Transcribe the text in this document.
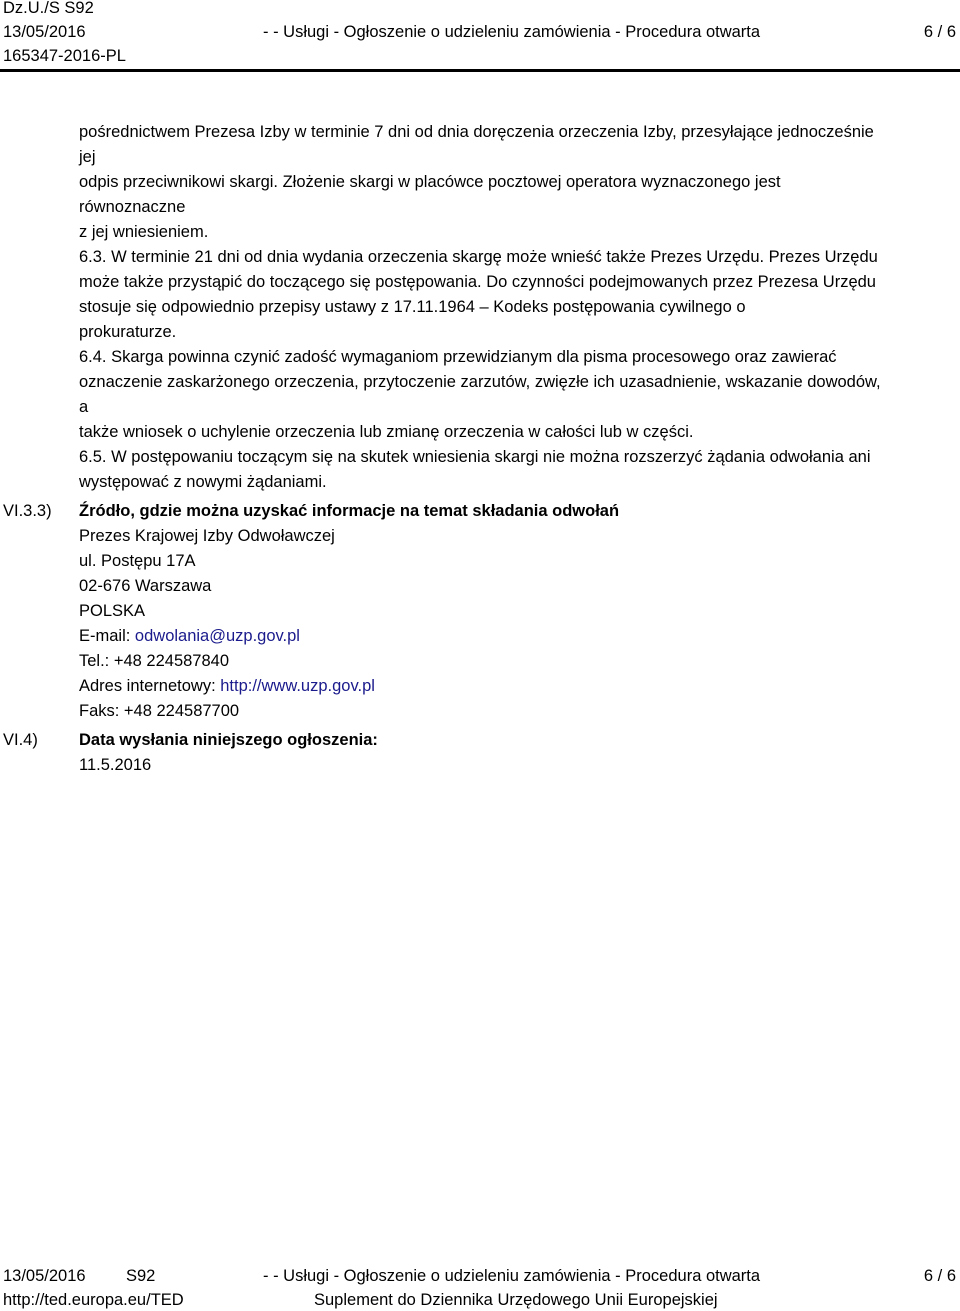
Dz.U./S S92
13/05/2016	- - Usługi - Ogłoszenie o udzieleniu zamówienia - Procedura otwarta	6 / 6
165347-2016-PL
pośrednictwem Prezesa Izby w terminie 7 dni od dnia doręczenia orzeczenia Izby, przesyłające jednocześnie
jej
odpis przeciwnikowi skargi. Złożenie skargi w placówce pocztowej operatora wyznaczonego jest
równoznaczne
z jej wniesieniem.
6.3. W terminie 21 dni od dnia wydania orzeczenia skargę może wnieść także Prezes Urzędu. Prezes Urzędu
może także przystąpić do toczącego się postępowania. Do czynności podejmowanych przez Prezesa Urzędu
stosuje się odpowiednio przepisy ustawy z 17.11.1964 – Kodeks postępowania cywilnego o
prokuraturze.
6.4. Skarga powinna czynić zadość wymaganiom przewidzianym dla pisma procesowego oraz zawierać
oznaczenie zaskarżonego orzeczenia, przytoczenie zarzutów, zwięzłe ich uzasadnienie, wskazanie dowodów,
a
także wniosek o uchylenie orzeczenia lub zmianę orzeczenia w całości lub w części.
6.5. W postępowaniu toczącym się na skutek wniesienia skargi nie można rozszerzyć żądania odwołania ani
występować z nowymi żądaniami.
VI.3.3) Źródło, gdzie można uzyskać informacje na temat składania odwołań
Prezes Krajowej Izby Odwoławczej
ul. Postępu 17A
02-676 Warszawa
POLSKA
E-mail: odwolania@uzp.gov.pl
Tel.: +48 224587840
Adres internetowy: http://www.uzp.gov.pl
Faks: +48 224587700
VI.4) Data wysłania niniejszego ogłoszenia:
11.5.2016
13/05/2016 S92	- - Usługi - Ogłoszenie o udzieleniu zamówienia - Procedura otwarta	6 / 6
http://ted.europa.eu/TED	Suplement do Dziennika Urzędowego Unii Europejskiej
